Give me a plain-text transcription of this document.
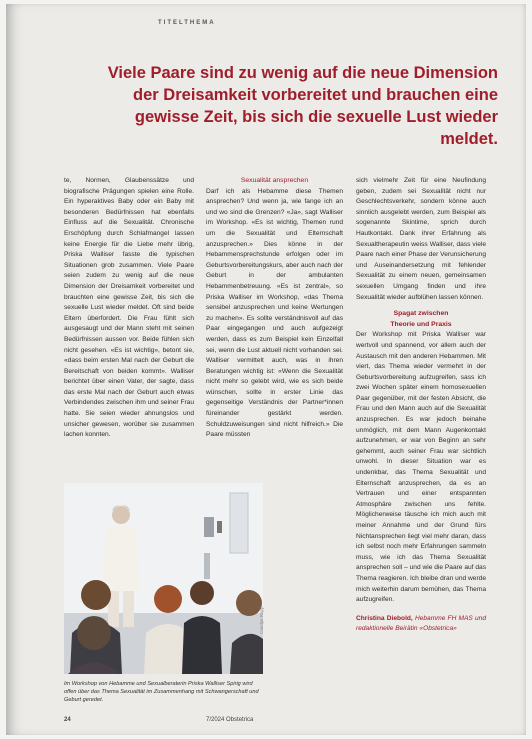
TITELTHEMA
Viele Paare sind zu wenig auf die neue Dimension
der Dreisamkeit vorbereitet und brauchen eine
gewisse Zeit, bis sich die sexuelle Lust wieder meldet.
te, Normen, Glaubenssätze und biografische Prägungen spielen eine Rolle. Ein hyperaktives Baby oder ein Baby mit besonderen Bedürfnissen hat ebenfalls Einfluss auf die Sexualität. Chronische Erschöpfung durch Schlafmangel lassen keine Energie für die Liebe mehr übrig, Priska Walliser fasste die typischen Situationen grob zusammen. Viele Paare seien zudem zu wenig auf die neue Dimension der Dreisamkeit vorbereitet und brauchten eine gewisse Zeit, bis sich die sexuelle Lust wieder meldet. Oft sind beide Eltern überfordert. Die Frau fühlt sich ausgesaugt und der Mann steht mit seinen Bedürfnissen aussen vor. Beide fühlen sich nicht gesehen. «Es ist wichtig», betont sie, «dass beim ersten Mal nach der Geburt die Bereitschaft von beiden kommt». Walliser berichtet über einen Vater, der sagte, dass das erste Mal nach der Geburt auch etwas Verbindendes zwischen ihm und seiner Frau hatte. Sie seien wieder ahnungslos und unsicher gewesen, worüber sie zusammen lachen konnten.
Sexualität ansprechen
Darf ich als Hebamme diese Themen ansprechen? Und wenn ja, wie fange ich an und wo sind die Grenzen? «Ja», sagt Walliser im Workshop. «Es ist wichtig, Themen rund um die Sexualität und Elternschaft anzusprechen.» Dies könne in der Hebammensprechstunde erfolgen oder im Geburtsvorbereitungskurs, aber auch nach der Geburt in der ambulanten Hebammenbetreuung. «Es ist zentral», so Priska Walliser im Workshop, «das Thema sensibel anzusprechen und keine Wertungen zu machen». Es sollte verständnisvoll auf das Paar eingegangen und auch aufgezeigt werden, dass es zum Beispiel kein Einzelfall sei, wenn die Lust aktuell nicht vorhanden sei. Walliser vermittelt auch, was in ihren Beratungen wichtig ist: «Wenn die Sexualität nicht mehr so gelebt wird, wie es sich beide wünschen, sollte in erster Linie das gegenseitige Verständnis der Partner*innen füreinander gestärkt werden. Schuldzuweisungen sind nicht hilfreich.» Die Paare müssten
sich vielmehr Zeit für eine Neufindung geben, zudem sei Sexualität nicht nur Geschlechtsverkehr, sondern könne auch sinnlich ausgelebt werden, zum Beispiel als sogenannte Skintime, sprich durch Hautkontakt. Dank ihrer Erfahrung als Sexualtherapeutin weiss Walliser, dass viele Paare nach einer Phase der Verunsicherung und Auseinandersetzung mit fehlender Sexualität zu einem neuen, gemeinsamen sexuellen Umgang finden und ihre Sexualität wieder aufblühen lassen können.
Spagat zwischen
Theorie und Praxis
Der Workshop mit Priska Walliser war wertvoll und spannend, vor allem auch der Austausch mit den anderen Hebammen. Mit viert, das Thema wieder vermehrt in der Geburtsvorbereitung aufzugreifen, sass ich zwei Wochen später einem homosexuellen Paar gegenüber, mit der festen Absicht, die Frau und den Mann auch auf die Sexualität anzusprechen. Es war jedoch beinahe unmöglich, mit dem Mann Augenkontakt aufzunehmen, er war von Beginn an sehr gehemmt, auch seiner Frau war sichtlich unwohl. In dieser Situation war es undenkbar, das Thema Sexualität und Elternschaft anzusprechen, da es an Vertrauen und einer entspannten Atmosphäre zwischen uns fehlte. Möglicherweise täusche ich mich auch mit meiner Annahme und der Grund fürs Nichtansprechen liegt viel mehr daran, dass ich selbst noch mehr Erfahrungen sammeln muss, wie ich das Thema Sexualität ansprechen soll – und wie die Paare auf das Thema reagieren. Ich bleibe dran und werde mich weiterhin darum bemühen, das Thema aufzugreifen.
Christina Diebold, Hebamme FH MAS und redaktionelle Beirätin «Obstetrica»
Carolyn Rapp
Im Workshop von Hebamme und Sexualberaterin Priska Walliser Spirig wird offen über das Thema Sexualität im Zusammenhang mit Schwangerschaft und Geburt geredet.
24	7/2024 Obstetrica
